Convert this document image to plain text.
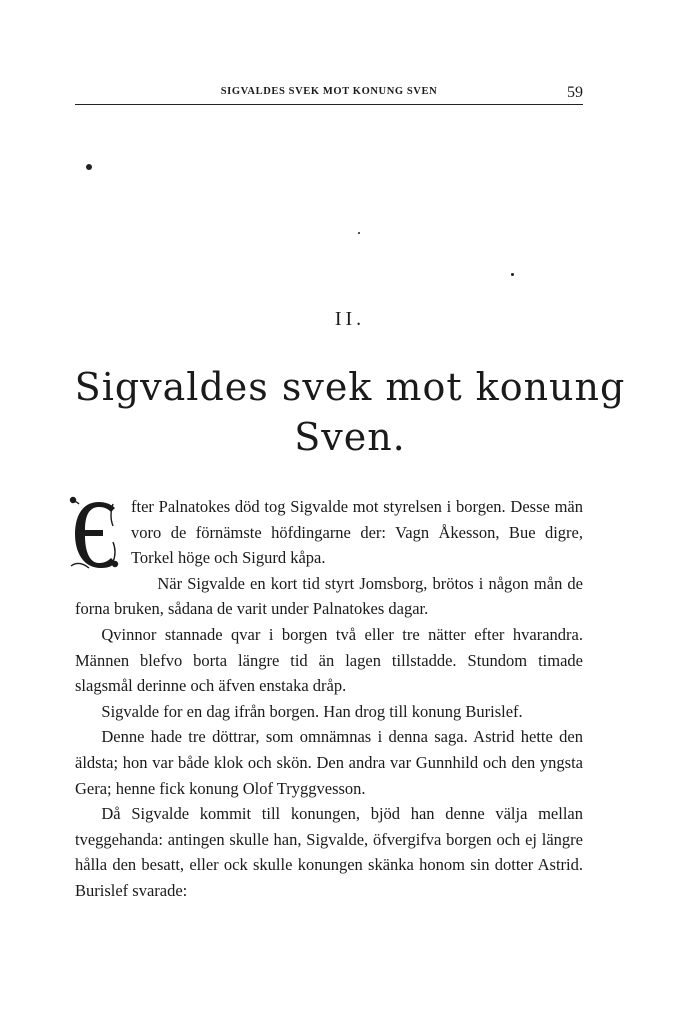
SIGVALDES SVEK MOT KONUNG SVEN	59
II.
Sigvaldes svek mot konung
Sven.

E
fter Palnatokes död tog Sigvalde mot styrelsen i borgen. Desse män voro de förnämste höfdingarne der: Vagn Åkesson, Bue digre, Torkel höge och Sigurd kåpa.

När Sigvalde en kort tid styrt Jomsborg, brötos i någon mån de forna bruken, sådana de varit under Palnatokes dagar.

Qvinnor stannade qvar i borgen två eller tre nätter efter hvarandra. Männen blefvo borta längre tid än lagen tillstadde. Stundom timade slagsmål derinne och äfven enstaka dråp.

Sigvalde for en dag ifrån borgen. Han drog till konung Burislef.

Denne hade tre döttrar, som omnämnas i denna saga. Astrid hette den äldsta; hon var både klok och skön. Den andra var Gunnhild och den yngsta Gera; henne fick konung Olof Tryggvesson.

Då Sigvalde kommit till konungen, bjöd han denne välja mellan tveggehanda: antingen skulle han, Sigvalde, öfvergifva borgen och ej längre hålla den besatt, eller ock skulle konungen skänka honom sin dotter Astrid. Burislef svarade:
